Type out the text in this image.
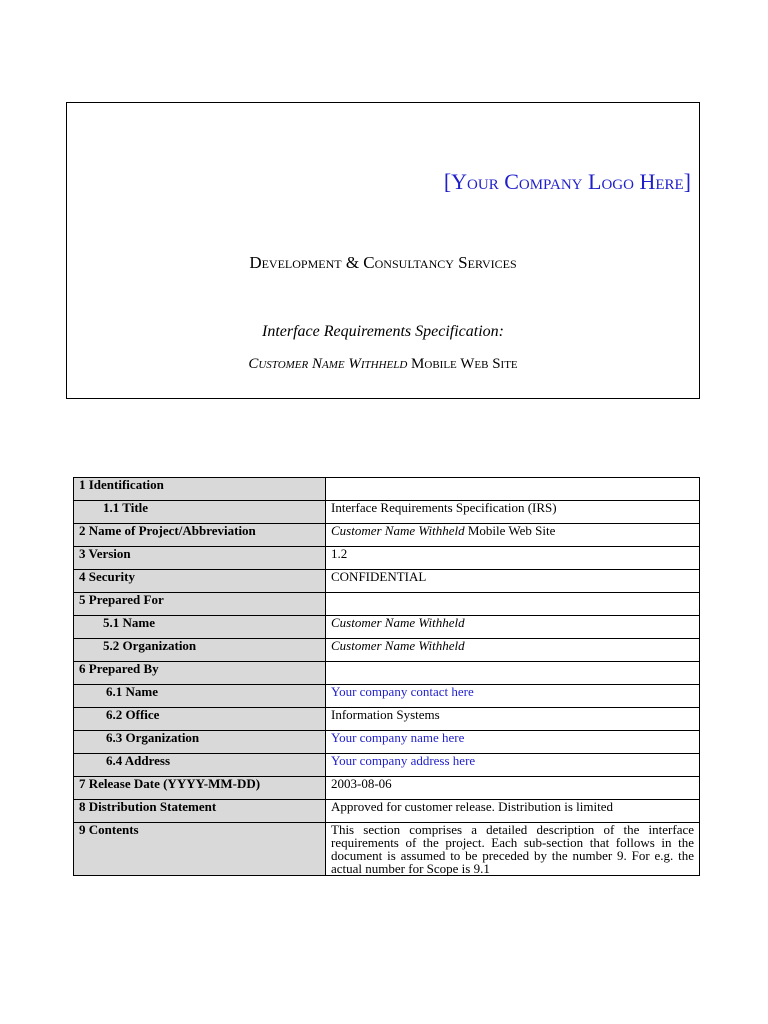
[Your Company Logo Here]
Development & Consultancy Services
Interface Requirements Specification:
Customer Name Withheld Mobile Web Site
1 Identification	
1.1 Title	Interface Requirements Specification (IRS)
2 Name of Project/Abbreviation	Customer Name Withheld Mobile Web Site
3 Version	1.2
4 Security	CONFIDENTIAL
5 Prepared For	
5.1 Name	Customer Name Withheld
5.2 Organization	Customer Name Withheld
6 Prepared By	
6.1 Name	Your company contact here
6.2 Office	Information Systems
6.3 Organization	Your company name here
6.4 Address	Your company address here
7 Release Date (YYYY-MM-DD)	2003-08-06
8 Distribution Statement	Approved for customer release. Distribution is limited
9 Contents	This section comprises a detailed description of the interface requirements of the project. Each sub-section that follows in the document is assumed to be preceded by the number 9. For e.g. the actual number for Scope is 9.1
